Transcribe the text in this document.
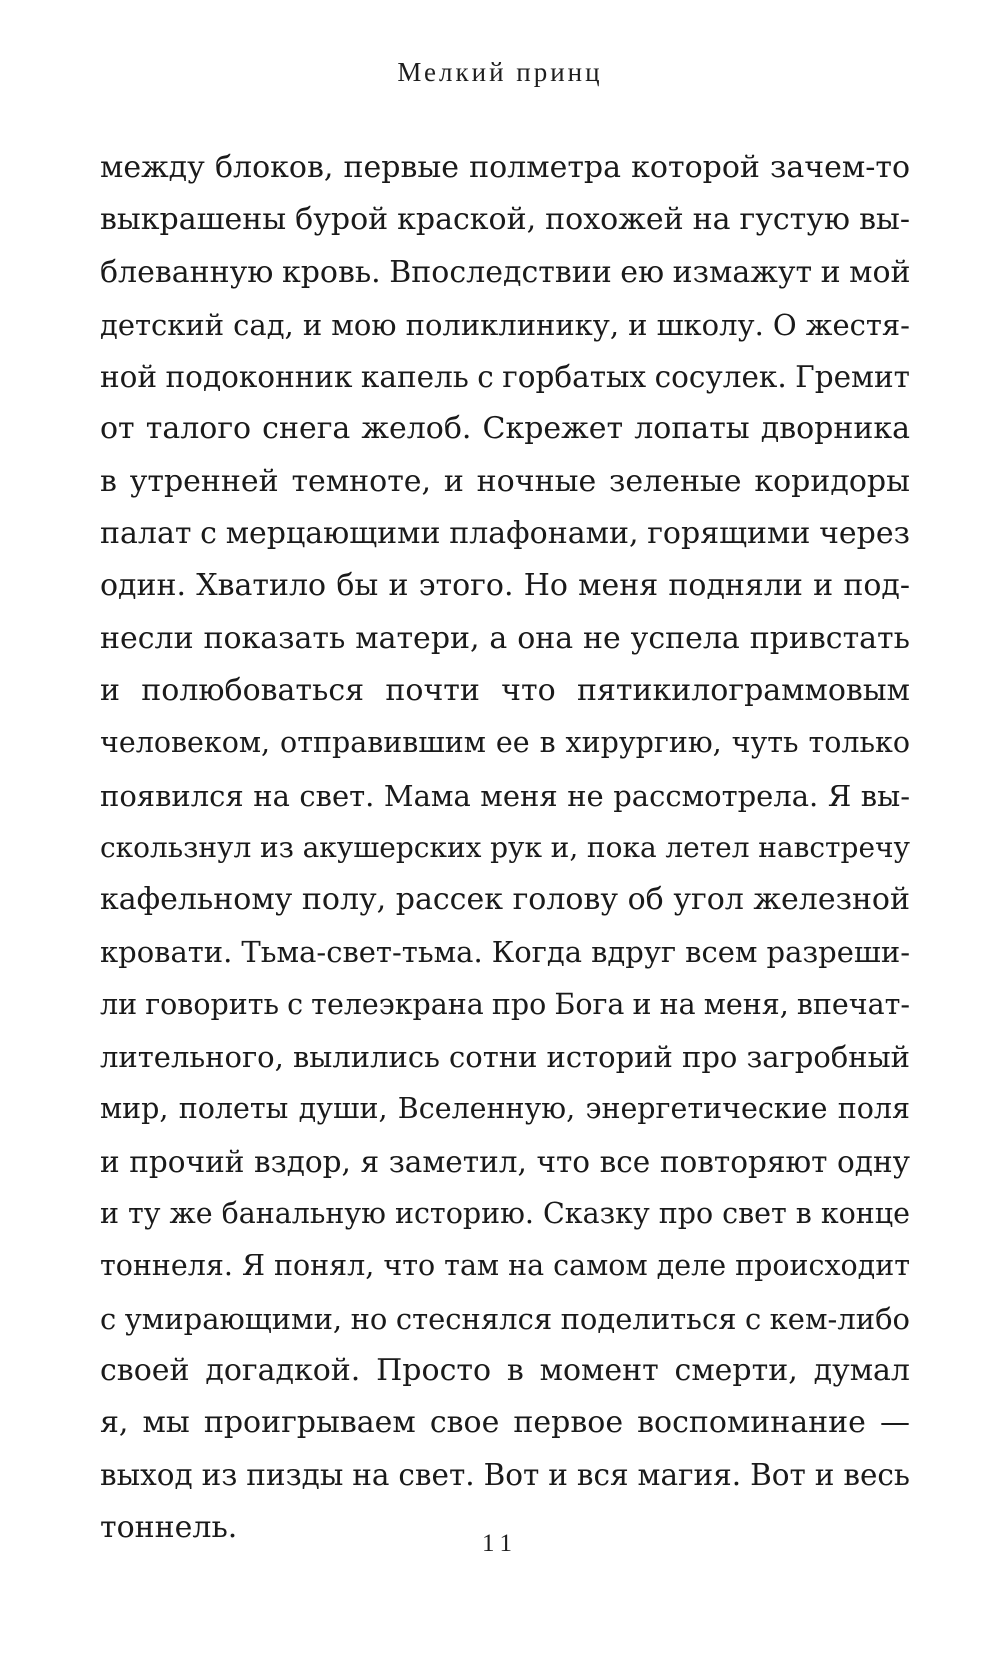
Мелкий принц
между блоков, первые полметра которой зачем-то
выкрашены бурой краской, похожей на густую вы-
блеванную кровь. Впоследствии ею измажут и мой
детский сад, и мою поликлинику, и школу. О жестя-
ной подоконник капель с горбатых сосулек. Гремит
от талого снега желоб. Скрежет лопаты дворника
в утренней темноте, и ночные зеленые коридоры
палат с мерцающими плафонами, горящими через
один. Хватило бы и этого. Но меня подняли и под-
несли показать матери, а она не успела привстать
и полюбоваться почти что пятикилограммовым
человеком, отправившим ее в хирургию, чуть только
появился на свет. Мама меня не рассмотрела. Я вы-
скользнул из акушерских рук и, пока летел навстречу
кафельному полу, рассек голову об угол железной
кровати. Тьма-свет-тьма. Когда вдруг всем разреши-
ли говорить с телеэкрана про Бога и на меня, впечат-
лительного, вылились сотни историй про загробный
мир, полеты души, Вселенную, энергетические поля
и прочий вздор, я заметил, что все повторяют одну
и ту же банальную историю. Сказку про свет в конце
тоннеля. Я понял, что там на самом деле происходит
с умирающими, но стеснялся поделиться с кем-либо
своей догадкой. Просто в момент смерти, думал
я, мы проигрываем свое первое воспоминание —
выход из пизды на свет. Вот и вся магия. Вот и весь
тоннель.	11
